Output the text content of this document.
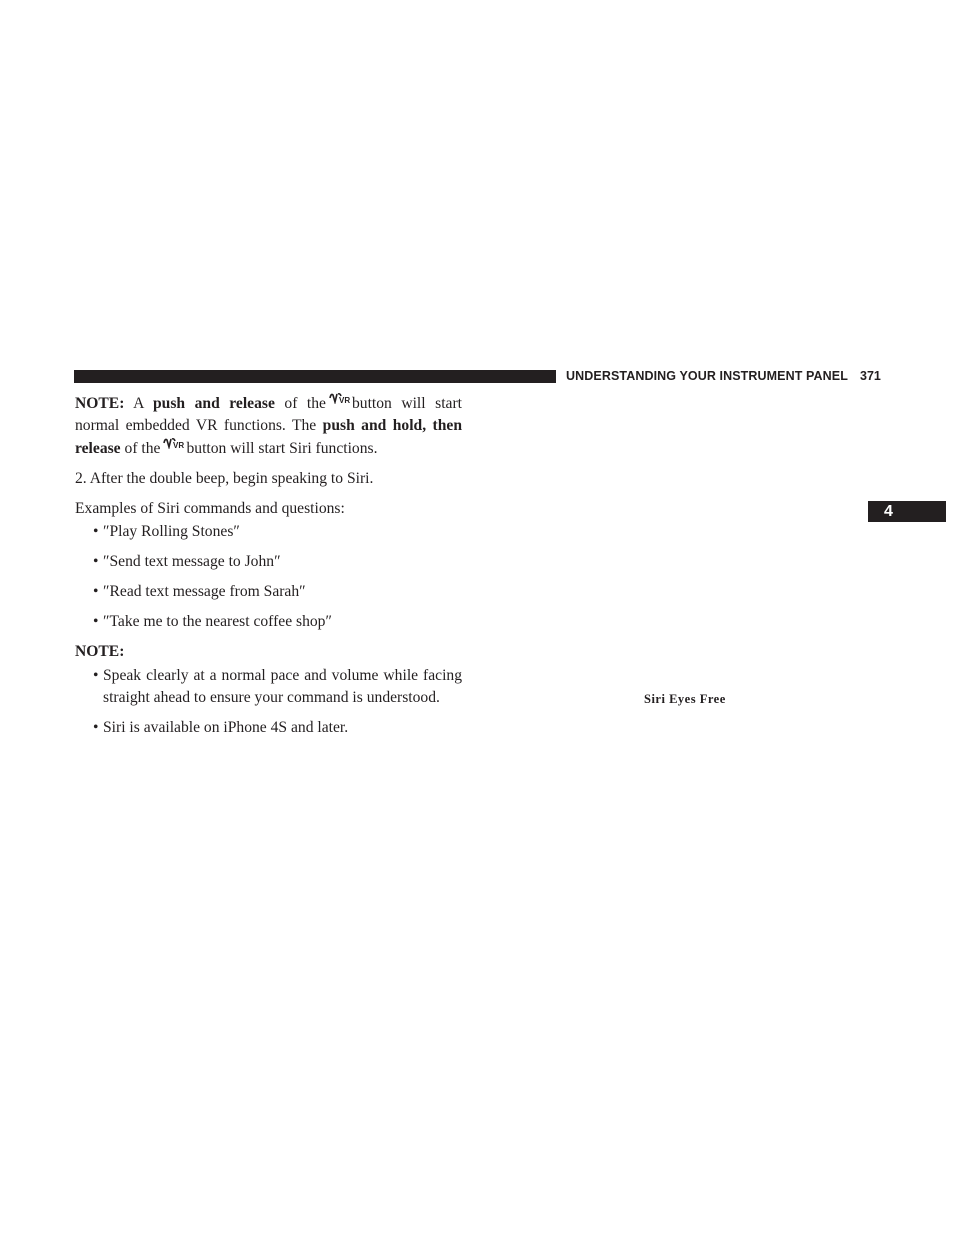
UNDERSTANDING YOUR INSTRUMENT PANEL 371
4

NOTE: A push and release of the VR button will start normal embedded VR functions. The push and hold, then release of the VR button will start Siri functions.

2. After the double beep, begin speaking to Siri.

Examples of Siri commands and questions:

• ″Play Rolling Stones″
• ″Send text message to John″
• ″Read text message from Sarah″
• ″Take me to the nearest coffee shop″

NOTE:

• Speak clearly at a normal pace and volume while facing straight ahead to ensure your command is understood.
• Siri is available on iPhone 4S and later.
Siri Eyes Free
